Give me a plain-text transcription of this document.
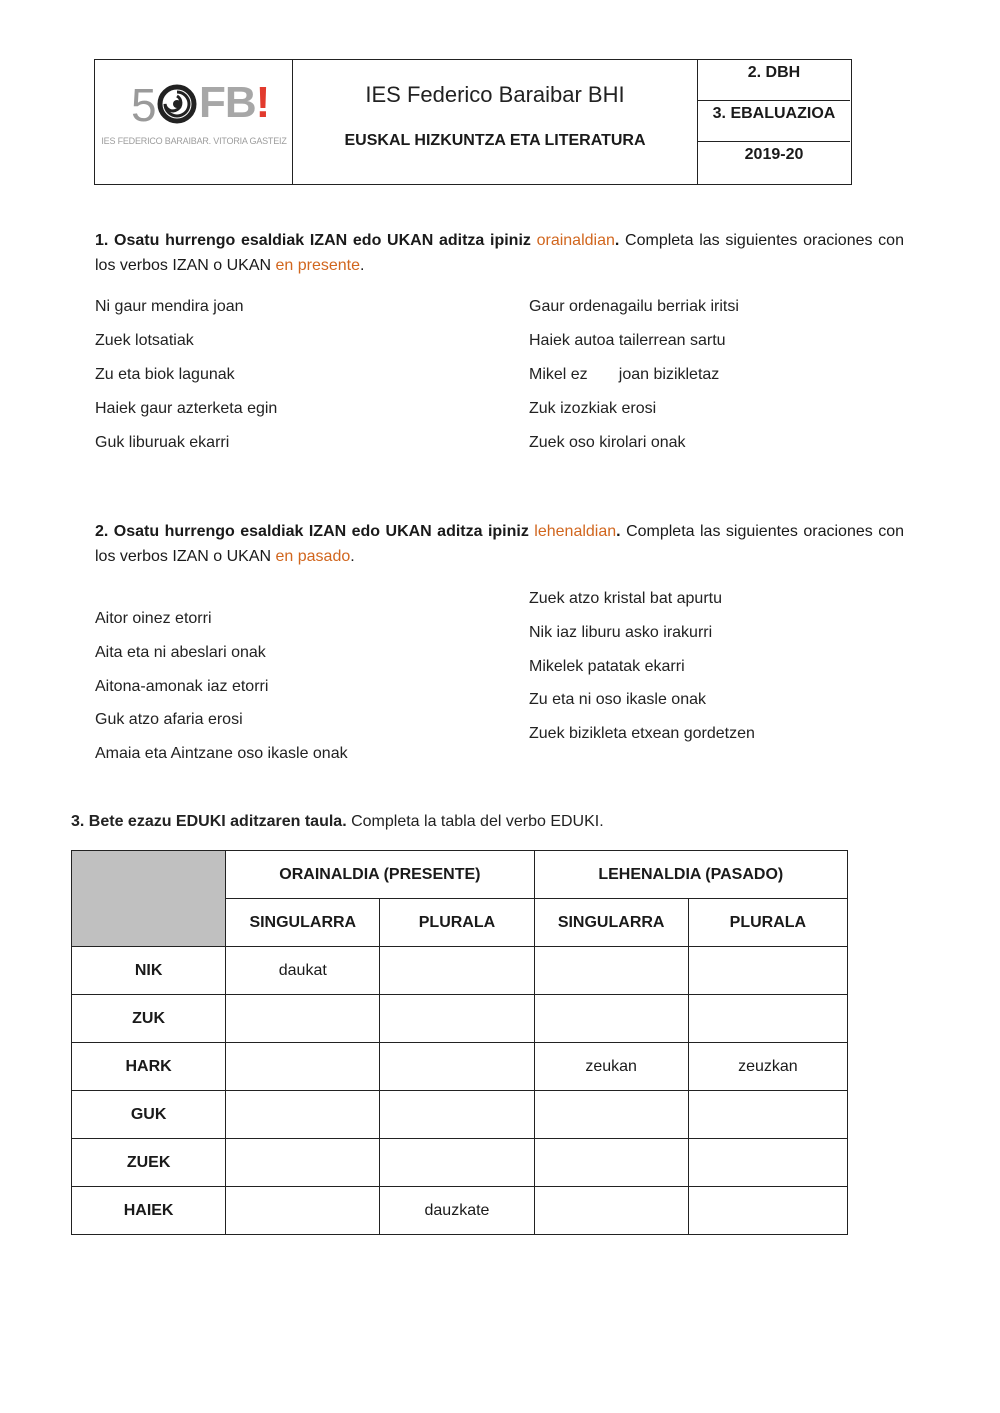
5 FB!
IES FEDERICO BARAIBAR. VITORIA GASTEIZ
IES Federico Baraibar BHI
EUSKAL HIZKUNTZA ETA LITERATURA
2. DBH
3. EBALUAZIOA
2019-20
1. Osatu hurrengo esaldiak IZAN edo UKAN aditza ipiniz orainaldian. Completa las siguientes oraciones con los verbos IZAN o UKAN en presente.
Ni gaur mendira joan
Zuek lotsatiak
Zu eta biok lagunak
Haiek gaur azterketa egin
Guk liburuak ekarri
Gaur ordenagailu berriak iritsi
Haiek autoa tailerrean sartu
Mikel ez       joan bizikletaz
Zuk izozkiak erosi
Zuek oso kirolari onak
2. Osatu hurrengo esaldiak IZAN edo UKAN aditza ipiniz lehenaldian. Completa las siguientes oraciones con los verbos IZAN o UKAN en pasado.
Aitor oinez etorri
Aita eta ni abeslari onak
Aitona-amonak iaz etorri
Guk atzo afaria erosi
Amaia eta Aintzane oso ikasle onak
Zuek atzo kristal bat apurtu
Nik iaz liburu asko irakurri
Mikelek patatak ekarri
Zu eta ni oso ikasle onak
Zuek bizikleta etxean gordetzen
3. Bete ezazu EDUKI aditzaren taula. Completa la tabla del verbo EDUKI.
	ORAINALDIA (PRESENTE)		LEHENALDIA (PASADO)	
	SINGULARRA	PLURALA	SINGULARRA	PLURALA
NIK	daukat			
ZUK				
HARK			zeukan	zeuzkan
GUK				
ZUEK				
HAIEK		dauzkate		
